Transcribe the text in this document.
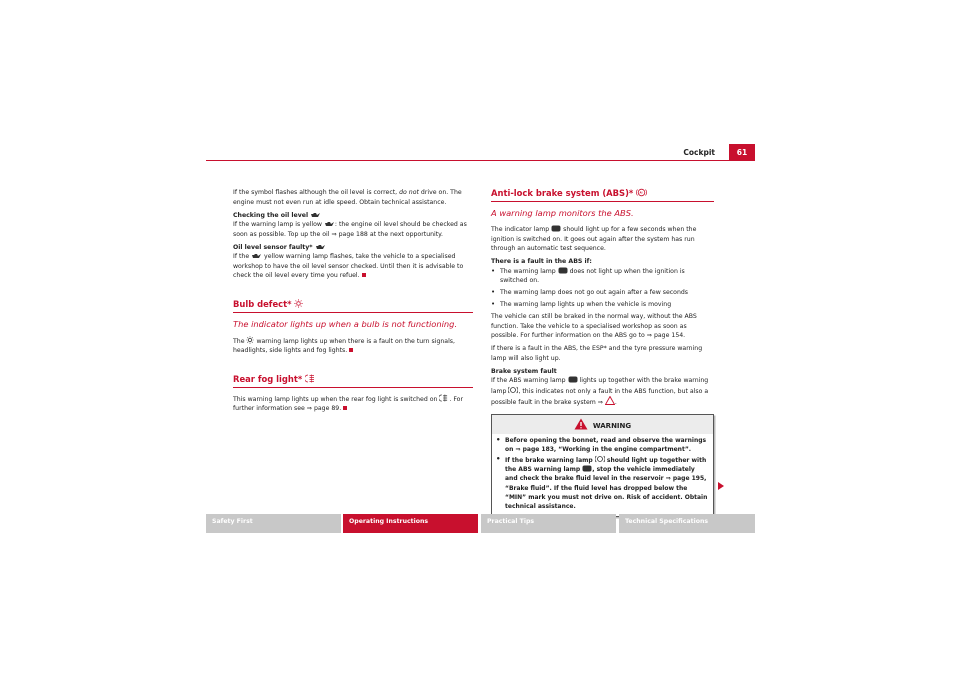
Cockpit	61

If the symbol flashes although the oil level is correct, do not drive on. The engine must not even run at idle speed. Obtain technical assistance.

Checking the oil level

If the warning lamp is yellow : the engine oil level should be checked as soon as possible. Top up the oil ⇒ page 188 at the next opportunity.

Oil level sensor faulty*

If the  yellow warning lamp flashes, take the vehicle to a specialised workshop to have the oil level sensor checked. Until then it is advisable to check the oil level every time you refuel.

Bulb defect*
The indicator lights up when a bulb is not functioning.

The  warning lamp lights up when there is a fault on the turn signals, headlights, side lights and fog lights.

Rear fog light*

This warning lamp lights up when the rear fog light is switched on . For further information see ⇒ page 89.

Anti-lock brake system (ABS)*
A warning lamp monitors the ABS.

The indicator lamp  should light up for a few seconds when the ignition is switched on. It goes out again after the system has run through an automatic test sequence.

There is a fault in the ABS if:

• The warning lamp  does not light up when the ignition is switched on.
• The warning lamp does not go out again after a few seconds
• The warning lamp lights up when the vehicle is moving

The vehicle can still be braked in the normal way, without the ABS function. Take the vehicle to a specialised workshop as soon as possible. For further information on the ABS go to ⇒ page 154.

If there is a fault in the ABS, the ESP* and the tyre pressure warning lamp will also light up.

Brake system fault

If the ABS warning lamp  lights up together with the brake warning lamp , this indicates not only a fault in the ABS function, but also a possible fault in the brake system ⇒ .

WARNING
• Before opening the bonnet, read and observe the warnings on ⇒ page 183, “Working in the engine compartment”.
• If the brake warning lamp  should light up together with the ABS warning lamp , stop the vehicle immediately and check the brake fluid level in the reservoir ⇒ page 195, “Brake fluid”. If the fluid level has dropped below the “MIN” mark you must not drive on. Risk of accident. Obtain technical assistance.
Safety First	Operating Instructions	Practical Tips	Technical Specifications
